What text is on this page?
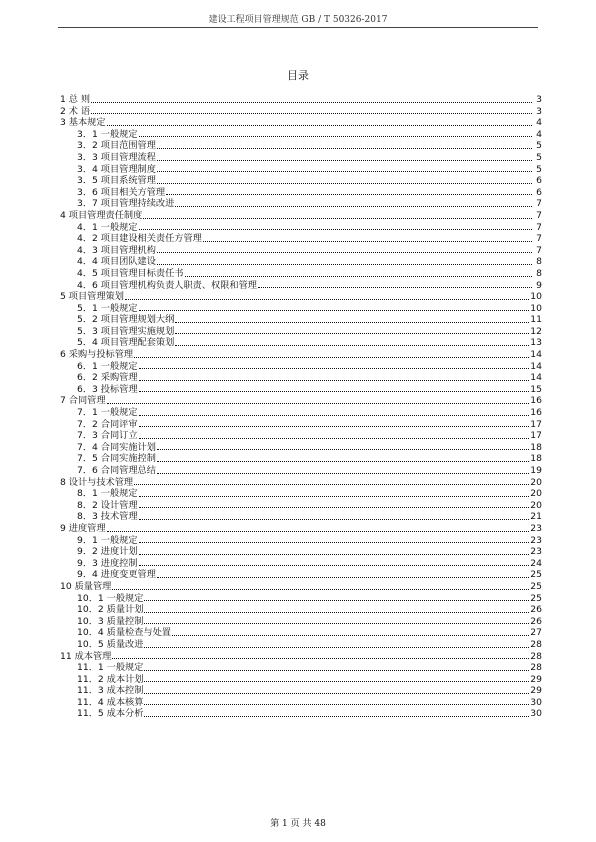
建设工程项目管理规范 GB / T 50326-2017
目录
1 总 则	3
2 术 语	3
3 基本规定	4
3．1 一般规定	4
3．2 项目范围管理	5
3．3 项目管理流程	5
3．4 项目管理制度	5
3．5 项目系统管理	6
3．6 项目相关方管理	6
3．7 项目管理持续改进	7
4 项目管理责任制度	7
4．1 一般规定	7
4．2 项目建设相关责任方管理	7
4．3 项目管理机构	7
4．4 项目团队建设	8
4．5 项目管理目标责任书	8
4．6 项目管理机构负责人职责、权限和管理	9
5 项目管理策划	10
5．1 一般规定	10
5．2 项目管理规划大纲	11
5．3 项目管理实施规划	12
5．4 项目管理配套策划	13
6 采购与投标管理	14
6．1 一般规定	14
6．2 采购管理	14
6．3 投标管理	15
7 合同管理	16
7．1 一般规定	16
7．2 合同评审	17
7．3 合同订立	17
7．4 合同实施计划	18
7．5 合同实施控制	18
7．6 合同管理总结	19
8 设计与技术管理	20
8．1 一般规定	20
8．2 设计管理	20
8．3 技术管理	21
9 进度管理	23
9．1 一般规定	23
9．2 进度计划	23
9．3 进度控制	24
9．4 进度变更管理	25
10 质量管理	25
10．1 一般规定	25
10．2 质量计划	26
10．3 质量控制	26
10．4 质量检查与处置	27
10．5 质量改进	28
11 成本管理	28
11．1 一般规定	28
11．2 成本计划	29
11．3 成本控制	29
11．4 成本核算	30
11．5 成本分析	30
第 1 页 共 48
